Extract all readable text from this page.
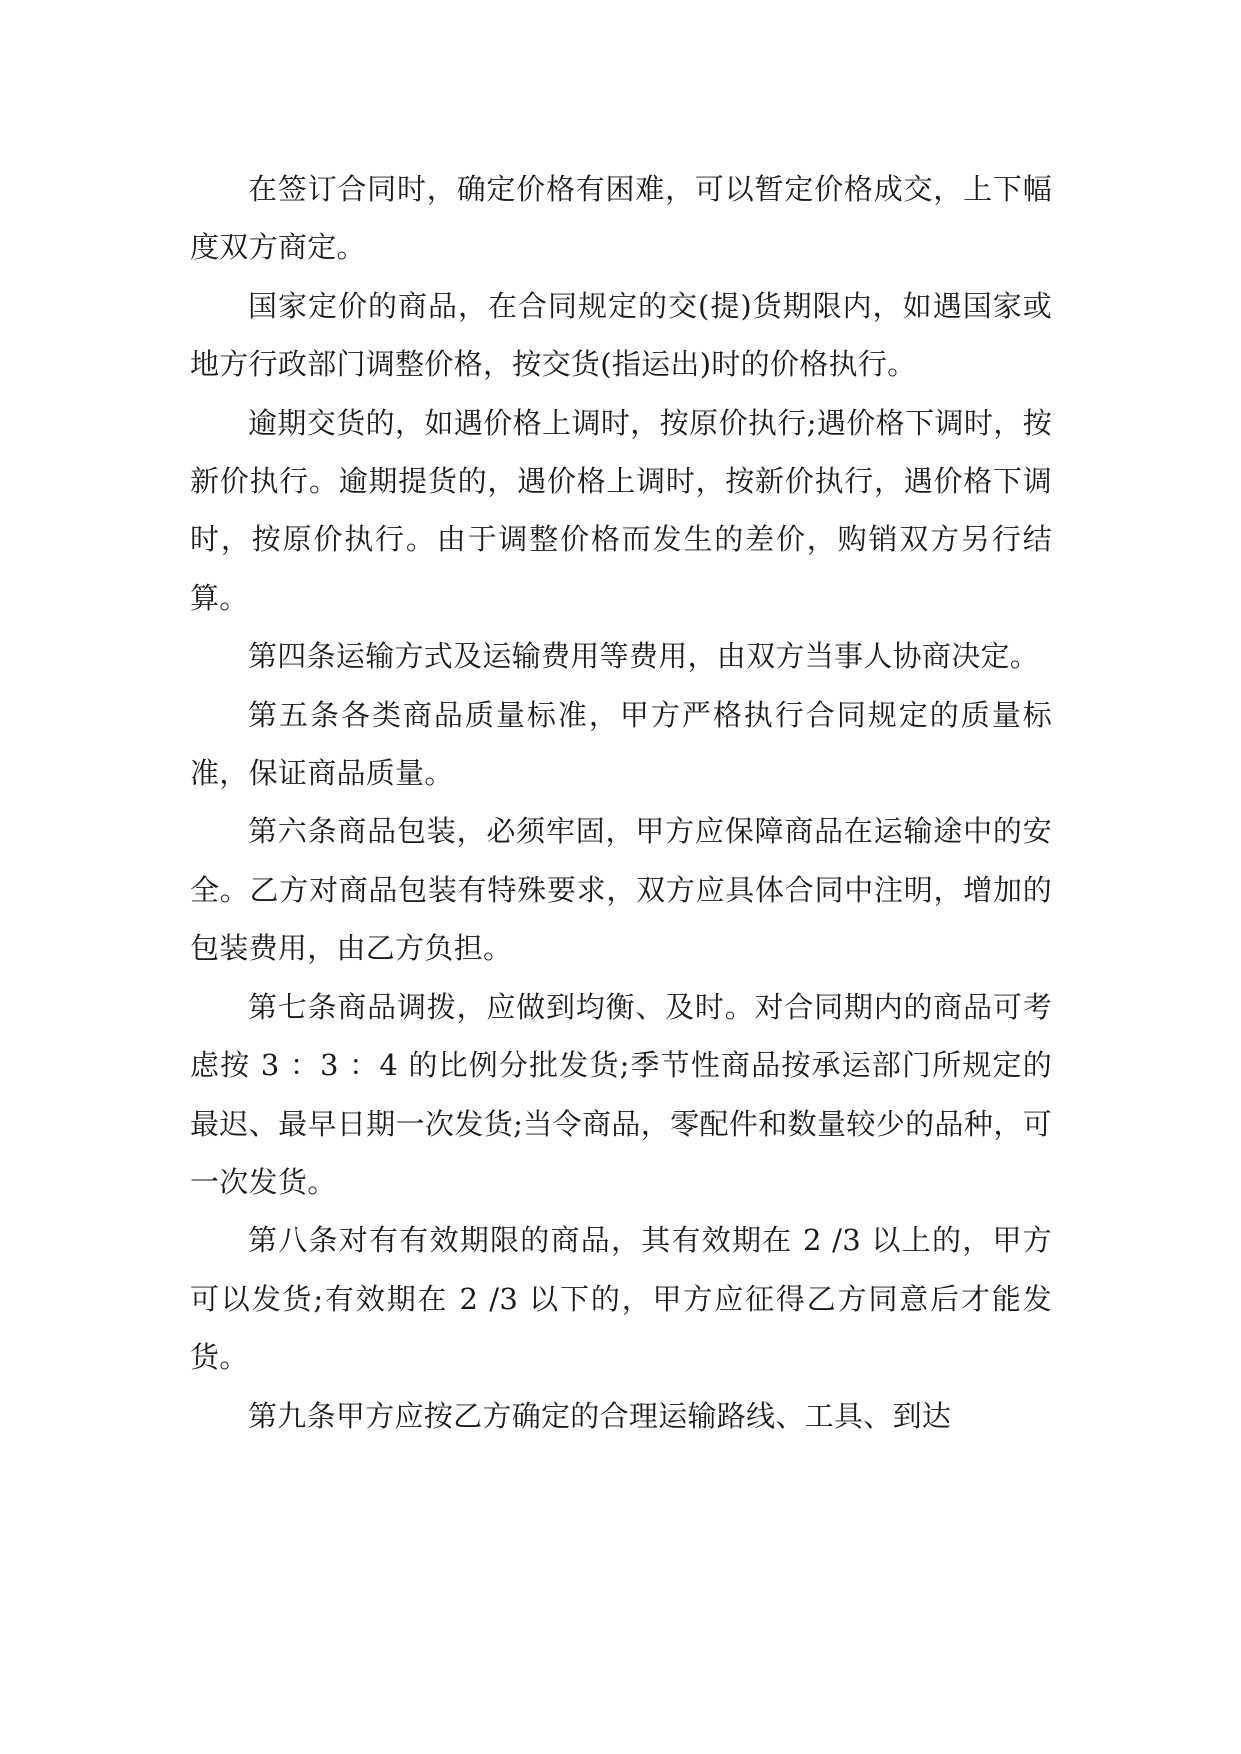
在签订合同时，确定价格有困难，可以暂定价格成交，上下幅度双方商定。

国家定价的商品，在合同规定的交(提)货期限内，如遇国家或地方行政部门调整价格，按交货(指运出)时的价格执行。

逾期交货的，如遇价格上调时，按原价执行;遇价格下调时，按新价执行。逾期提货的，遇价格上调时，按新价执行，遇价格下调时，按原价执行。由于调整价格而发生的差价，购销双方另行结算。

第四条运输方式及运输费用等费用，由双方当事人协商决定。

第五条各类商品质量标准，甲方严格执行合同规定的质量标准，保证商品质量。

第六条商品包装，必须牢固，甲方应保障商品在运输途中的安全。乙方对商品包装有特殊要求，双方应具体合同中注明，增加的包装费用，由乙方负担。

第七条商品调拨，应做到均衡、及时。对合同期内的商品可考虑按 3 ：3 ：4 的比例分批发货;季节性商品按承运部门所规定的最迟、最早日期一次发货;当令商品，零配件和数量较少的品种，可一次发货。

第八条对有有效期限的商品，其有效期在 2 /3 以上的，甲方可以发货;有效期在 2 /3 以下的，甲方应征得乙方同意后才能发货。

第九条甲方应按乙方确定的合理运输路线、工具、到达
